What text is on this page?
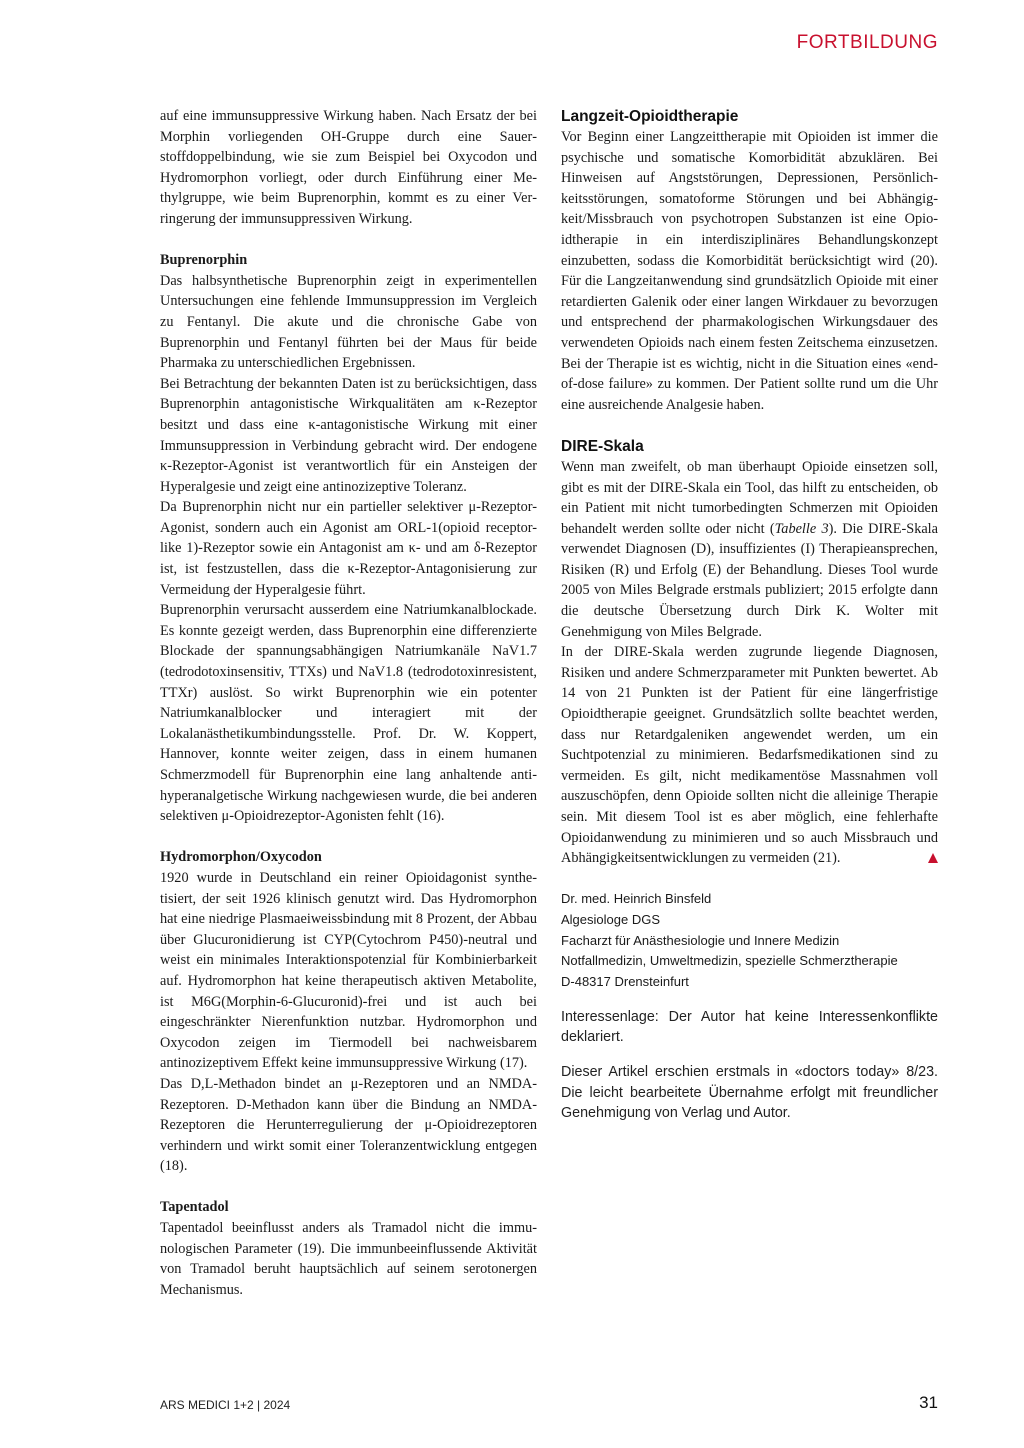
FORTBILDUNG

auf eine immunsuppressive Wirkung haben. Nach Ersatz der bei Morphin vorliegenden OH-Gruppe durch eine Sauerstoffdoppelbindung, wie sie zum Beispiel bei Oxycodon und Hydromorphon vorliegt, oder durch Einführung einer Methylgruppe, wie beim Buprenorphin, kommt es zu einer Verringerung der immunsuppressiven Wirkung.

Buprenorphin

Das halbsynthetische Buprenorphin zeigt in experimentellen Untersuchungen eine fehlende Immunsuppression im Vergleich zu Fentanyl. Die akute und die chronische Gabe von Buprenorphin und Fentanyl führten bei der Maus für beide Pharmaka zu unterschiedlichen Ergebnissen.

Bei Betrachtung der bekannten Daten ist zu berücksichtigen, dass Buprenorphin antagonistische Wirkqualitäten am κ-Rezeptor besitzt und dass eine κ-antagonistische Wirkung mit einer Immunsuppression in Verbindung gebracht wird. Der endogene κ-Rezeptor-Agonist ist verantwortlich für ein Ansteigen der Hyperalgesie und zeigt eine antinozizeptive Toleranz.

Da Buprenorphin nicht nur ein partieller selektiver μ-Rezeptor-Agonist, sondern auch ein Agonist am ORL-1(opioid receptor-like 1)-Rezeptor sowie ein Antagonist am κ- und am δ-Rezeptor ist, ist festzustellen, dass die κ-Rezeptor-Antagonisierung zur Vermeidung der Hyperalgesie führt.

Buprenorphin verursacht ausserdem eine Natriumkanalblockade. Es konnte gezeigt werden, dass Buprenorphin eine differenzierte Blockade der spannungsabhängigen Natriumkanäle NaV1.7 (tedrodotoxinsensitiv, TTXs) und NaV1.8 (tedrodotoxinresistent, TTXr) auslöst. So wirkt Buprenorphin wie ein potenter Natriumkanalblocker und interagiert mit der Lokalanästhetikumbindungsstelle. Prof. Dr. W. Koppert, Hannover, konnte weiter zeigen, dass in einem humanen Schmerzmodell für Buprenorphin eine lang anhaltende antihyperanalgetische Wirkung nachgewiesen wurde, die bei anderen selektiven μ-Opioidrezeptor-Agonisten fehlt (16).

Hydromorphon/Oxycodon

1920 wurde in Deutschland ein reiner Opioidagonist synthetisiert, der seit 1926 klinisch genutzt wird. Das Hydromorphon hat eine niedrige Plasmaeiweissbindung mit 8 Prozent, der Abbau über Glucuronidierung ist CYP(Cytochrom P450)-neutral und weist ein minimales Interaktionspotenzial für Kombinierbarkeit auf. Hydromorphon hat keine therapeutisch aktiven Metabolite, ist M6G(Morphin-6-Glucuronid)-frei und ist auch bei eingeschränkter Nierenfunktion nutzbar. Hydromorphon und Oxycodon zeigen im Tiermodell bei nachweisbarem antinozizeptivem Effekt keine immunsuppressive Wirkung (17).

Das D,L-Methadon bindet an μ-Rezeptoren und an NMDA-Rezeptoren. D-Methadon kann über die Bindung an NMDA-Rezeptoren die Herunterregulierung der μ-Opioidrezeptoren verhindern und wirkt somit einer Toleranzentwicklung entgegen (18).

Tapentadol

Tapentadol beeinflusst anders als Tramadol nicht die immunologischen Parameter (19). Die immunbeeinflussende Aktivität von Tramadol beruht hauptsächlich auf seinem serotonergen Mechanismus.

Langzeit-Opioidtherapie

Vor Beginn einer Langzeittherapie mit Opioiden ist immer die psychische und somatische Komorbidität abzuklären. Bei Hinweisen auf Angststörungen, Depressionen, Persönlichkeitsstörungen, somatoforme Störungen und bei Abhängigkeit/Missbrauch von psychotropen Substanzen ist eine Opioidtherapie in ein interdisziplinäres Behandlungskonzept einzubetten, sodass die Komorbidität berücksichtigt wird (20). Für die Langzeitanwendung sind grundsätzlich Opioide mit einer retardierten Galenik oder einer langen Wirkdauer zu bevorzugen und entsprechend der pharmakologischen Wirkungsdauer des verwendeten Opioids nach einem festen Zeitschema einzusetzen. Bei der Therapie ist es wichtig, nicht in die Situation eines «end-of-dose failure» zu kommen. Der Patient sollte rund um die Uhr eine ausreichende Analgesie haben.

DIRE-Skala

Wenn man zweifelt, ob man überhaupt Opioide einsetzen soll, gibt es mit der DIRE-Skala ein Tool, das hilft zu entscheiden, ob ein Patient mit nicht tumorbedingten Schmerzen mit Opioiden behandelt werden sollte oder nicht (Tabelle 3). Die DIRE-Skala verwendet Diagnosen (D), insuffizientes (I) Therapieansprechen, Risiken (R) und Erfolg (E) der Behandlung. Dieses Tool wurde 2005 von Miles Belgrade erstmals publiziert; 2015 erfolgte dann die deutsche Übersetzung durch Dirk K. Wolter mit Genehmigung von Miles Belgrade.

In der DIRE-Skala werden zugrunde liegende Diagnosen, Risiken und andere Schmerzparameter mit Punkten bewertet. Ab 14 von 21 Punkten ist der Patient für eine längerfristige Opioidtherapie geeignet. Grundsätzlich sollte beachtet werden, dass nur Retardgaleniken angewendet werden, um ein Suchtpotenzial zu minimieren. Bedarfsmedikationen sind zu vermeiden. Es gilt, nicht medikamentöse Massnahmen voll auszuschöpfen, denn Opioide sollten nicht die alleinige Therapie sein. Mit diesem Tool ist es aber möglich, eine fehlerhafte Opioidanwendung zu minimieren und so auch Missbrauch und Abhängigkeitsentwicklungen zu vermeiden (21).

Dr. med. Heinrich Binsfeld

Algesiologe DGS

Facharzt für Anästhesiologie und Innere Medizin

Notfallmedizin, Umweltmedizin, spezielle Schmerztherapie

D-48317 Drensteinfurt

Interessenlage: Der Autor hat keine Interessenkonflikte deklariert.

Dieser Artikel erschien erstmals in «doctors today» 8/23. Die leicht bearbeitete Übernahme erfolgt mit freundlicher Genehmigung von Verlag und Autor.

ARS MEDICI 1+2 | 2024	31
